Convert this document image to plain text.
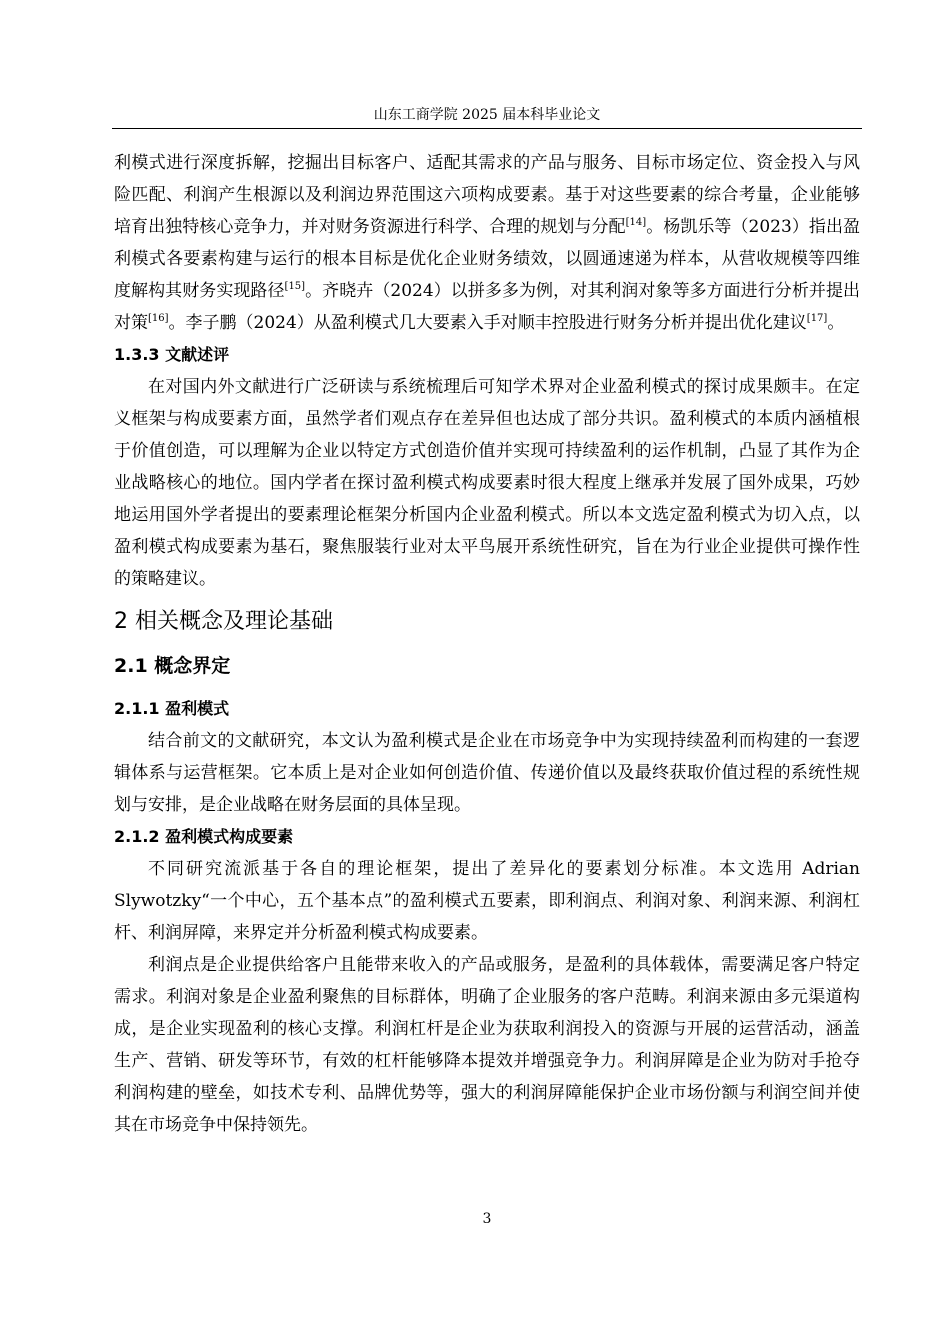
山东工商学院 2025 届本科毕业论文

利模式进行深度拆解，挖掘出目标客户、适配其需求的产品与服务、目标市场定位、资金投入与风险匹配、利润产生根源以及利润边界范围这六项构成要素。基于对这些要素的综合考量，企业能够培育出独特核心竞争力，并对财务资源进行科学、合理的规划与分配[14]。杨凯乐等（2023）指出盈利模式各要素构建与运行的根本目标是优化企业财务绩效，以圆通速递为样本，从营收规模等四维度解构其财务实现路径[15]。齐晓卉（2024）以拼多多为例，对其利润对象等多方面进行分析并提出对策[16]。李子鹏（2024）从盈利模式几大要素入手对顺丰控股进行财务分析并提出优化建议[17]。

1.3.3 文献述评

在对国内外文献进行广泛研读与系统梳理后可知学术界对企业盈利模式的探讨成果颇丰。在定义框架与构成要素方面，虽然学者们观点存在差异但也达成了部分共识。盈利模式的本质内涵植根于价值创造，可以理解为企业以特定方式创造价值并实现可持续盈利的运作机制，凸显了其作为企业战略核心的地位。国内学者在探讨盈利模式构成要素时很大程度上继承并发展了国外成果，巧妙地运用国外学者提出的要素理论框架分析国内企业盈利模式。所以本文选定盈利模式为切入点，以盈利模式构成要素为基石，聚焦服装行业对太平鸟展开系统性研究，旨在为行业企业提供可操作性的策略建议。

2 相关概念及理论基础
2.1 概念界定
2.1.1 盈利模式

结合前文的文献研究，本文认为盈利模式是企业在市场竞争中为实现持续盈利而构建的一套逻辑体系与运营框架。它本质上是对企业如何创造价值、传递价值以及最终获取价值过程的系统性规划与安排，是企业战略在财务层面的具体呈现。

2.1.2 盈利模式构成要素

不同研究流派基于各自的理论框架，提出了差异化的要素划分标准。本文选用 Adrian Slywotzky“一个中心，五个基本点”的盈利模式五要素，即利润点、利润对象、利润来源、利润杠杆、利润屏障，来界定并分析盈利模式构成要素。

利润点是企业提供给客户且能带来收入的产品或服务，是盈利的具体载体，需要满足客户特定需求。利润对象是企业盈利聚焦的目标群体，明确了企业服务的客户范畴。利润来源由多元渠道构成，是企业实现盈利的核心支撑。利润杠杆是企业为获取利润投入的资源与开展的运营活动，涵盖生产、营销、研发等环节，有效的杠杆能够降本提效并增强竞争力。利润屏障是企业为防对手抢夺利润构建的壁垒，如技术专利、品牌优势等，强大的利润屏障能保护企业市场份额与利润空间并使其在市场竞争中保持领先。

3
